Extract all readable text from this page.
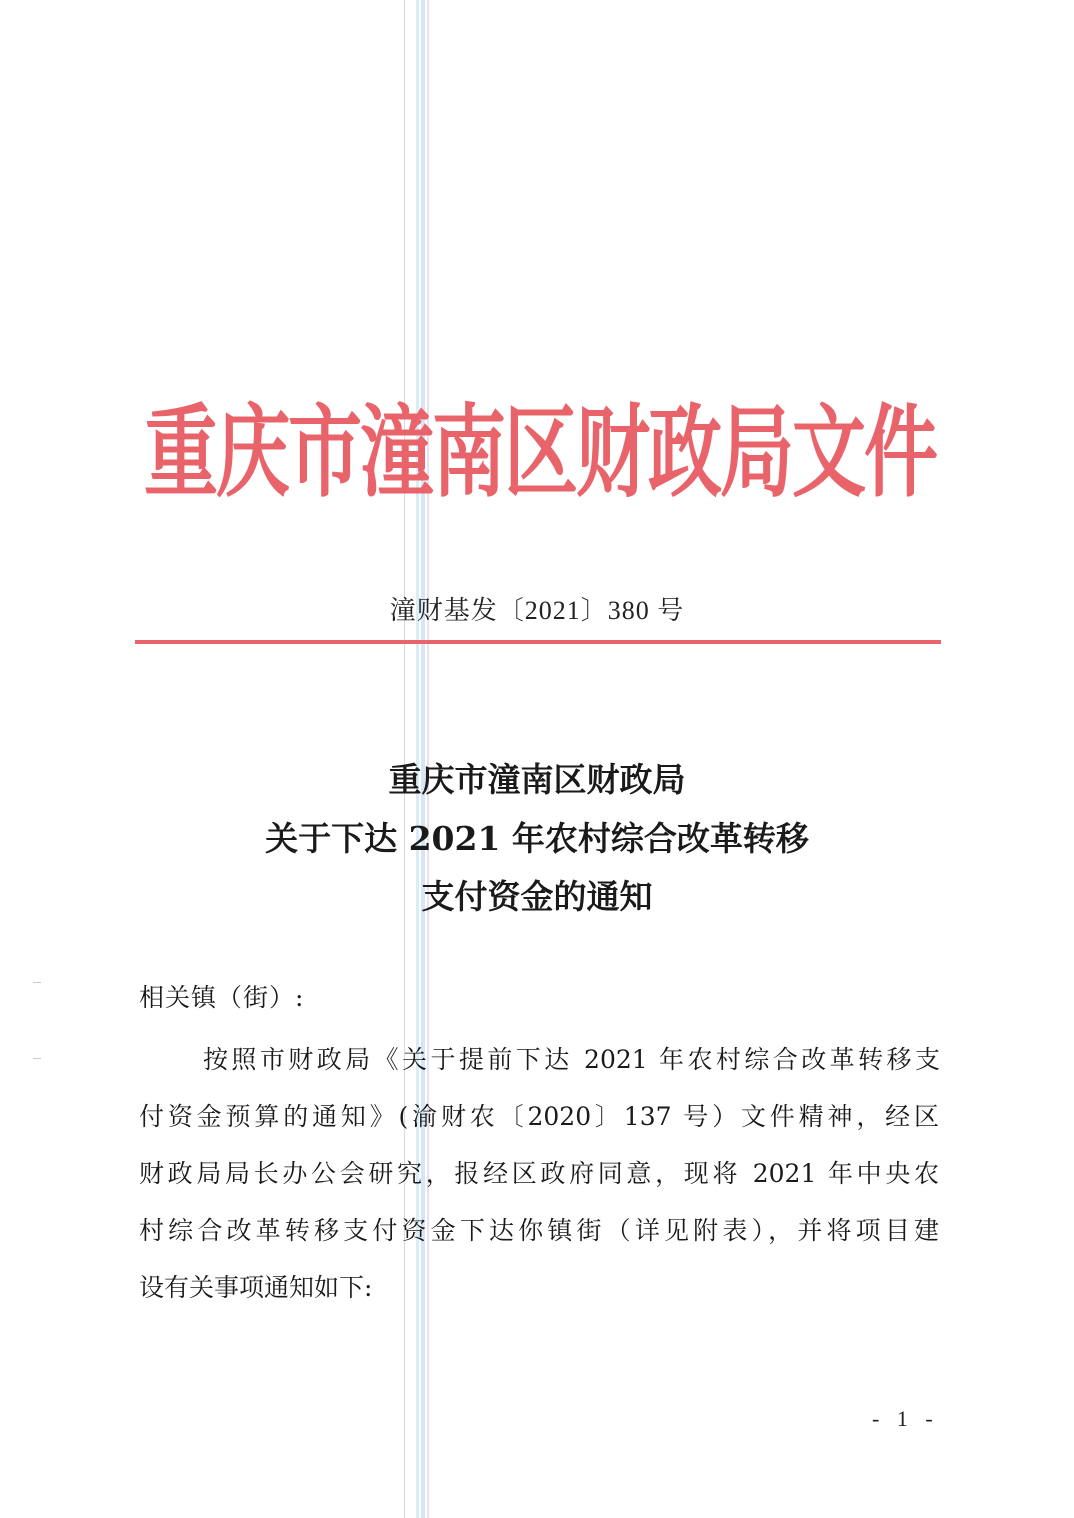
重庆市潼南区财政局文件
潼财基发〔2021〕380 号
重庆市潼南区财政局
关于下达 2021 年农村综合改革转移
支付资金的通知
相关镇（街）:
按照市财政局《关于提前下达 2021 年农村综合改革转移支
付资金预算的通知》(渝财农〔2020〕137 号）文件精神，经区
财政局局长办公会研究，报经区政府同意，现将 2021 年中央农
村综合改革转移支付资金下达你镇街（详见附表），并将项目建
设有关事项通知如下:
- 1 -
